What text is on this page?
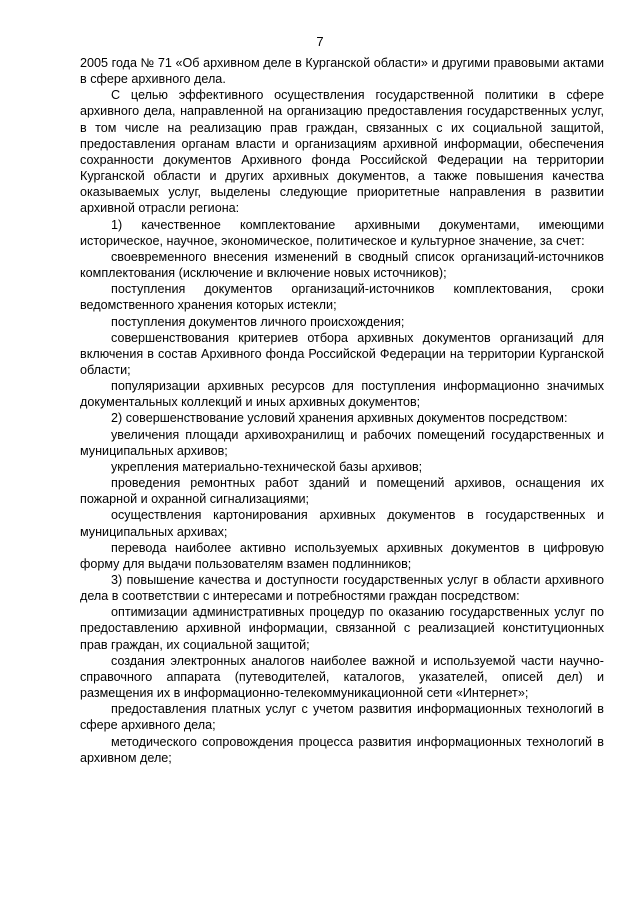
7

2005 года № 71 «Об архивном деле в Курганской области» и другими правовыми актами в сфере архивного дела.

С целью эффективного осуществления государственной политики в сфере архивного дела, направленной на организацию предоставления государственных услуг, в том числе на реализацию прав граждан, связанных с их социальной защитой, предоставления органам власти и организациям архивной информации, обеспечения сохранности документов Архивного фонда Российской Федерации на территории Курганской области и других архивных документов, а также повышения качества оказываемых услуг, выделены следующие приоритетные направления в развитии архивной отрасли региона:

1) качественное комплектование архивными документами, имеющими историческое, научное, экономическое, политическое и культурное значение, за счет:

своевременного внесения изменений в сводный список организаций-источников комплектования (исключение и включение новых источников);

поступления документов организаций-источников комплектования, сроки ведомственного хранения которых истекли;

поступления документов личного происхождения;

совершенствования критериев отбора архивных документов организаций для включения в состав Архивного фонда Российской Федерации на территории Курганской области;

популяризации архивных ресурсов для поступления информационно значимых документальных коллекций и иных архивных документов;

2) совершенствование условий хранения архивных документов посредством:

увеличения площади архивохранилищ и рабочих помещений государственных и муниципальных архивов;

укрепления материально-технической базы архивов;

проведения ремонтных работ зданий и помещений архивов, оснащения их пожарной и охранной сигнализациями;

осуществления картонирования архивных документов в государственных и муниципальных архивах;

перевода наиболее активно используемых архивных документов в цифровую форму для выдачи пользователям взамен подлинников;

3) повышение качества и доступности государственных услуг в области архивного дела в соответствии с интересами и потребностями граждан посредством:

оптимизации административных процедур по оказанию государственных услуг по предоставлению архивной информации, связанной с реализацией конституционных прав граждан, их социальной защитой;

создания электронных аналогов наиболее важной и используемой части научно-справочного аппарата (путеводителей, каталогов, указателей, описей дел) и размещения их в информационно-телекоммуникационной сети «Интернет»;

предоставления платных услуг с учетом развития информационных технологий в сфере архивного дела;

методического сопровождения процесса развития информационных технологий в архивном деле;
